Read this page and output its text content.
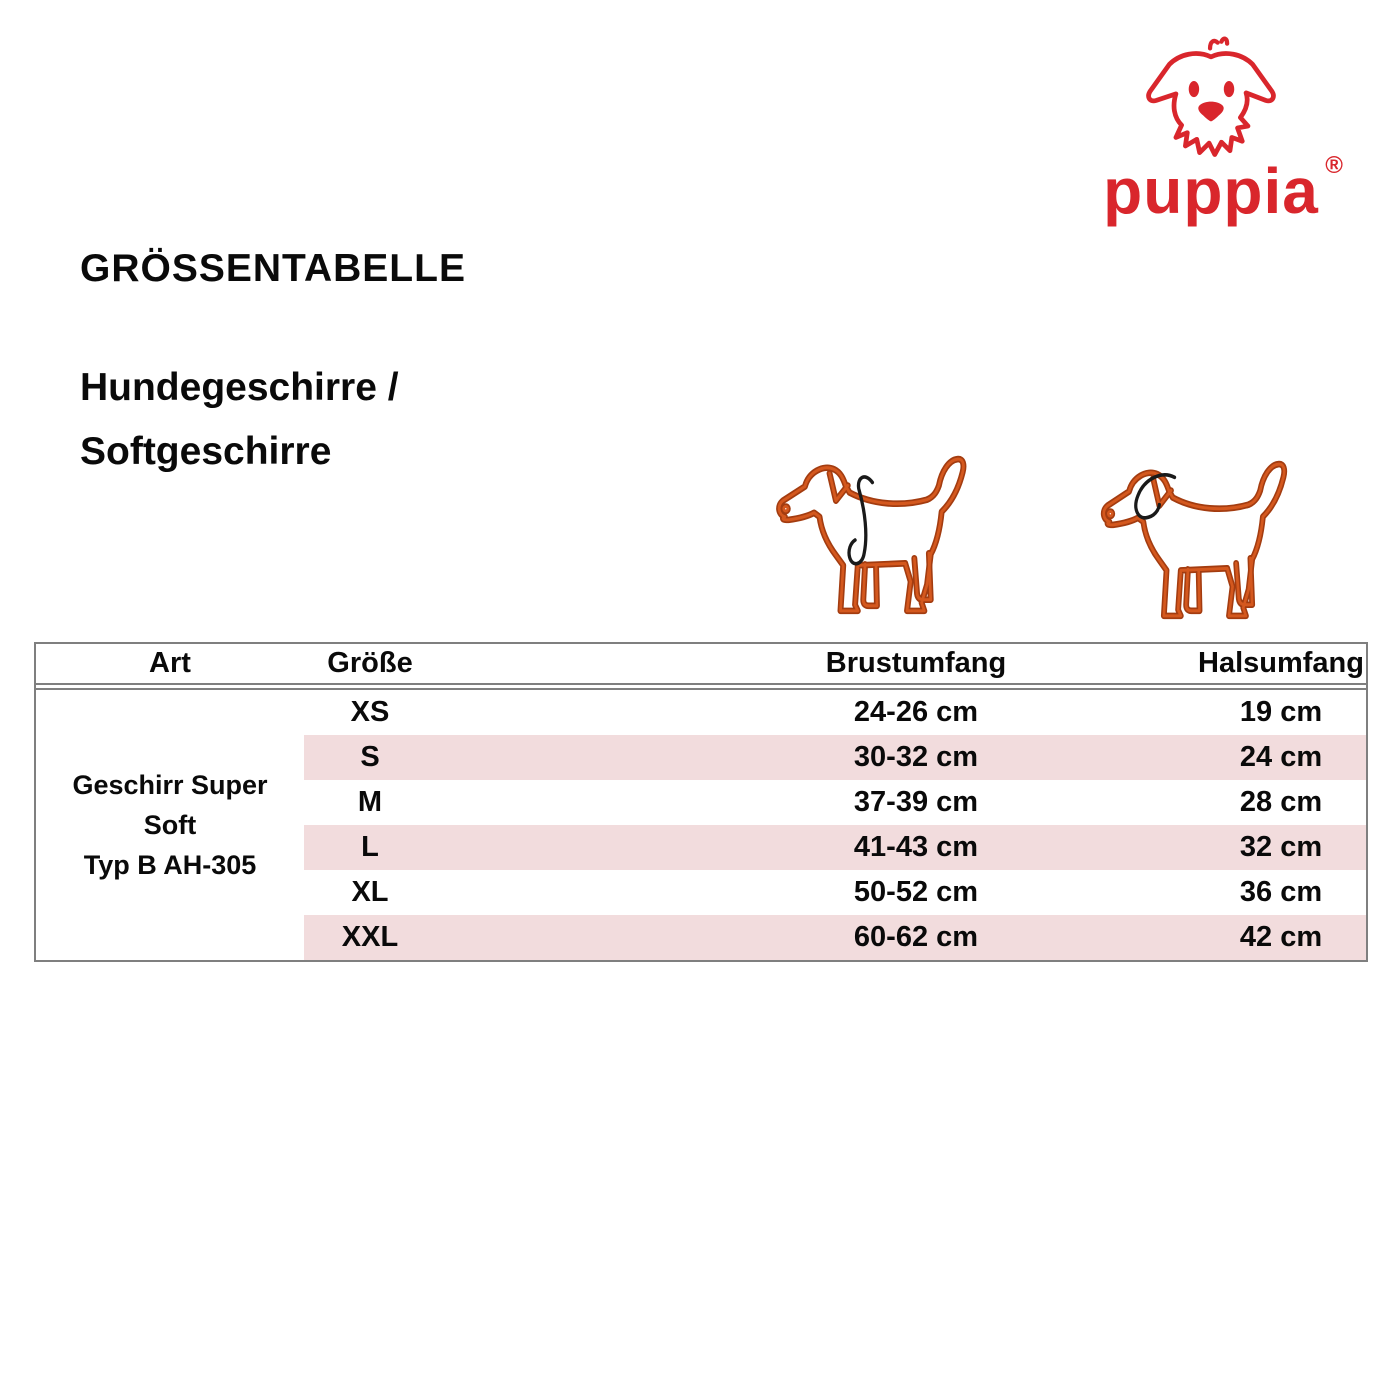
puppia ®
GRÖSSENTABELLE
Hundegeschirre /
Softgeschirre
Art	Größe	Brustumfang	Halsumfang
Geschirr Super
Soft
Typ B AH-305
XS	24-26 cm	19 cm
S	30-32 cm	24 cm
M	37-39 cm	28 cm
L	41-43 cm	32 cm
XL	50-52 cm	36 cm
XXL	60-62 cm	42 cm
